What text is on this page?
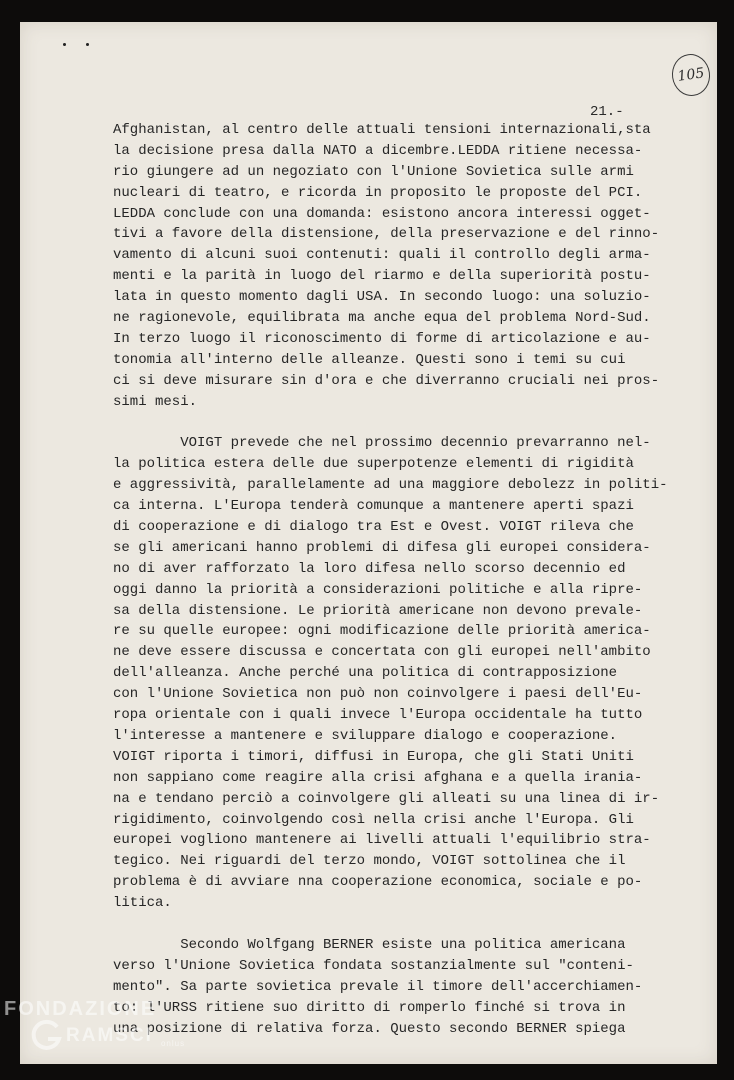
105
21.-
Afghanistan, al centro delle attuali tensioni internazionali,sta
la decisione presa dalla NATO a dicembre.LEDDA ritiene necessa-
rio giungere ad un negoziato con l'Unione Sovietica sulle armi
nucleari di teatro, e ricorda in proposito le proposte del PCI.
LEDDA conclude con una domanda: esistono ancora interessi ogget-
tivi a favore della distensione, della preservazione e del rinno-
vamento di alcuni suoi contenuti: quali il controllo degli arma-
menti e la parità in luogo del riarmo e della superiorità postu-
lata in questo momento dagli USA. In secondo luogo: una soluzio-
ne ragionevole, equilibrata ma anche equa del problema Nord-Sud.
In terzo luogo il riconoscimento di forme di articolazione e au-
tonomia all'interno delle alleanze. Questi sono i temi su cui
ci si deve misurare sin d'ora e che diverranno cruciali nei pros-
simi mesi.
VOIGT prevede che nel prossimo decennio prevarranno nel-
la politica estera delle due superpotenze elementi di rigidità
e aggressività, parallelamente ad una maggiore debolezz in politi-
ca interna. L'Europa tenderà comunque a mantenere aperti spazi
di cooperazione e di dialogo tra Est e Ovest. VOIGT rileva che
se gli americani hanno problemi di difesa gli europei considera-
no di aver rafforzato la loro difesa nello scorso decennio ed
oggi danno la priorità a considerazioni politiche e alla ripre-
sa della distensione. Le priorità americane non devono prevale-
re su quelle europee: ogni modificazione delle priorità america-
ne deve essere discussa e concertata con gli europei nell'ambito
dell'alleanza. Anche perché una politica di contrapposizione
con l'Unione Sovietica non può non coinvolgere i paesi dell'Eu-
ropa orientale con i quali invece l'Europa occidentale ha tutto
l'interesse a mantenere e sviluppare dialogo e cooperazione.
VOIGT riporta i timori, diffusi in Europa, che gli Stati Uniti
non sappiano come reagire alla crisi afghana e a quella irania-
na e tendano perciò a coinvolgere gli alleati su una linea di ir-
rigidimento, coinvolgendo così nella crisi anche l'Europa. Gli
europei vogliono mantenere ai livelli attuali l'equilibrio stra-
tegico. Nei riguardi del terzo mondo, VOIGT sottolinea che il
problema è di avviare nna cooperazione economica, sociale e po-
litica.
Secondo Wolfgang BERNER esiste una politica americana
verso l'Unione Sovietica fondata sostanzialmente sul "conteni-
mento". Sa parte sovietica prevale il timore dell'accerchiamen-
to: l'URSS ritiene suo diritto di romperlo finché si trova in
una posizione di relativa forza. Questo secondo BERNER spiega
FONDAZIONE
RAMSCI onlus
